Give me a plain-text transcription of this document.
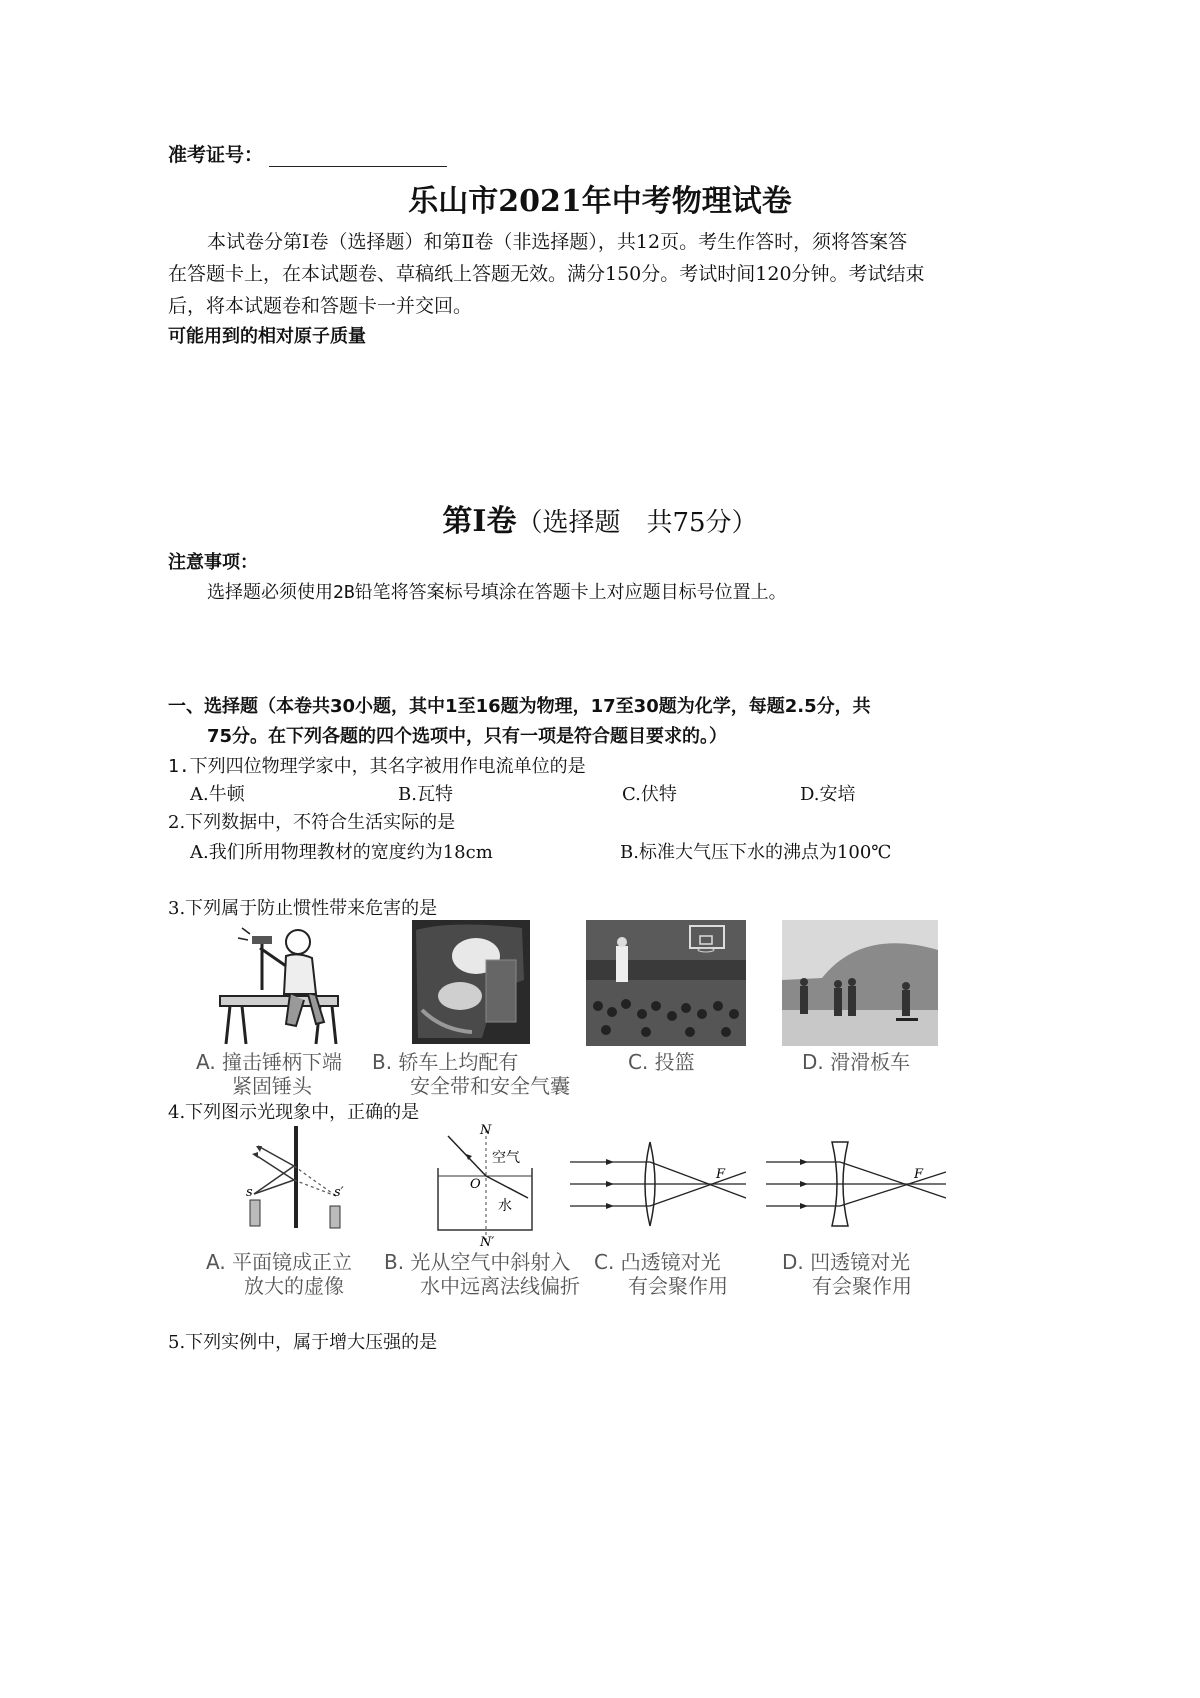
准考证号：
乐山市2021年中考物理试卷
本试卷分第Ⅰ卷（选择题）和第Ⅱ卷（非选择题），共12页。考生作答时，须将答案答
在答题卡上，在本试题卷、草稿纸上答题无效。满分150分。考试时间120分钟。考试结束
后，将本试题卷和答题卡一并交回。
可能用到的相对原子质量
第Ⅰ卷（选择题　共75分）
注意事项：
选择题必须使用2B铅笔将答案标号填涂在答题卡上对应题目标号位置上。
一、选择题（本卷共30小题，其中1至16题为物理，17至30题为化学，每题2.5分，共
75分。在下列各题的四个选项中，只有一项是符合题目要求的。）
1.下列四位物理学家中，其名字被用作电流单位的是
A.牛顿	B.瓦特	C.伏特	D.安培
2.下列数据中，不符合生活实际的是
A.我们所用物理教材的宽度约为18cm	B.标准大气压下水的沸点为100℃
3.下列属于防止惯性带来危害的是
A. 撞击锤柄下端
紧固锤头
B. 轿车上均配有
安全带和安全气囊
C. 投篮	D. 滑滑板车
4.下列图示光现象中，正确的是
s	s′
N
N′
空气
水
O
F	F
A. 平面镜成正立
放大的虚像
B. 光从空气中斜射入
水中远离法线偏折
C. 凸透镜对光
有会聚作用
D. 凹透镜对光
有会聚作用
5.下列实例中，属于增大压强的是
